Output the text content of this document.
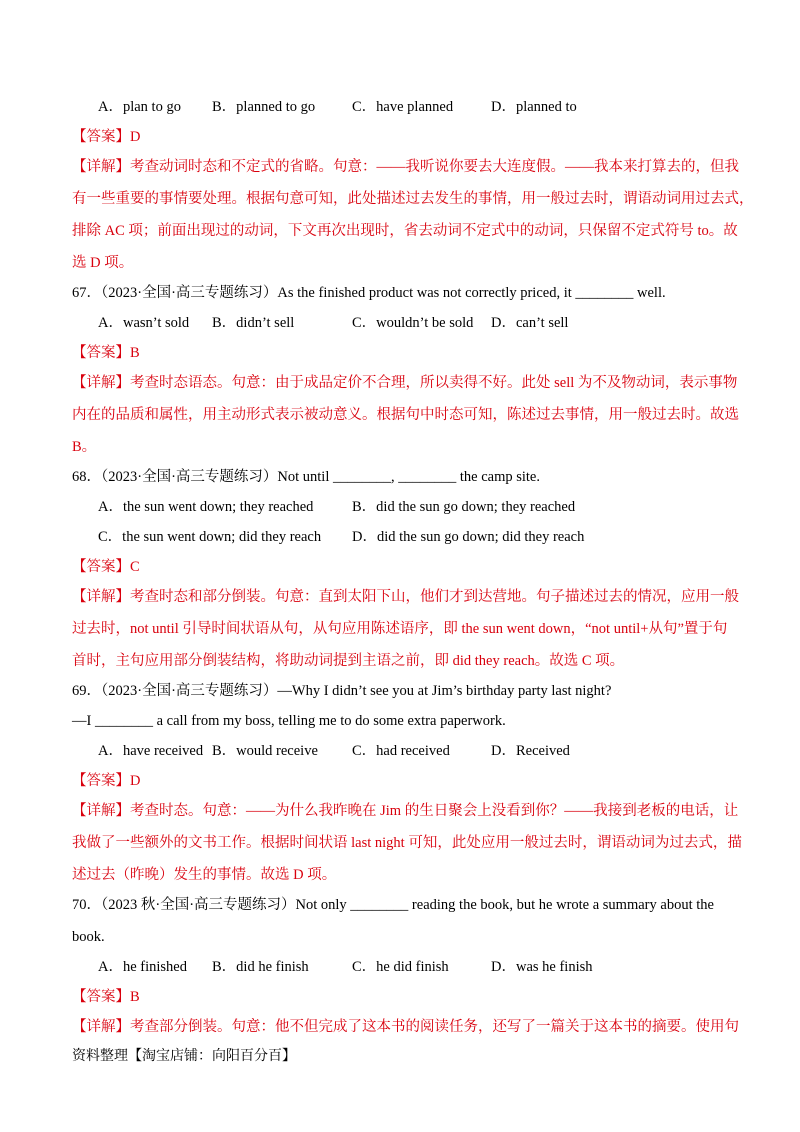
A．plan to go B．planned to go	C．have planned	D．planned to
【答案】D
【详解】考查动词时态和不定式的省略。句意：——我听说你要去大连度假。——我本来打算去的，但我
有一些重要的事情要处理。根据句意可知，此处描述过去发生的事情，用一般过去时，谓语动词用过去式，
排除 AC 项；前面出现过的动词，下文再次出现时，省去动词不定式中的动词，只保留不定式符号 to。故
选 D 项。
67．（2023·全国·高三专题练习）As the finished product was not correctly priced, it ________ well.
A．wasn’t sold B．didn’t sell	C．wouldn’t be sold D．can’t sell
【答案】B
【详解】考查时态语态。句意：由于成品定价不合理，所以卖得不好。此处 sell 为不及物动词，表示事物
内在的品质和属性，用主动形式表示被动意义。根据句中时态可知，陈述过去事情，用一般过去时。故选
B。
68．（2023·全国·高三专题练习）Not until ________, ________ the camp site.
A．the sun went down; they reached	B．did the sun go down; they reached
C．the sun went down; did they reach D．did the sun go down; did they reach
【答案】C
【详解】考查时态和部分倒装。句意：直到太阳下山，他们才到达营地。句子描述过去的情况，应用一般
过去时，not until 引导时间状语从句，从句应用陈述语序，即 the sun went down，“not until+从句”置于句
首时，主句应用部分倒装结构，将助动词提到主语之前，即 did they reach。故选 C 项。
69．（2023·全国·高三专题练习）—Why I didn’t see you at Jim’s birthday party last night?
—I ________ a call from my boss, telling me to do some extra paperwork.
A．have received B．would receive C．had received	D．Received
【答案】D
【详解】考查时态。句意：——为什么我昨晚在 Jim 的生日聚会上没看到你？——我接到老板的电话，让
我做了一些额外的文书工作。根据时间状语 last night 可知，此处应用一般过去时，谓语动词为过去式，描
述过去（昨晚）发生的事情。故选 D 项。
70．（2023 秋·全国·高三专题练习）Not only ________ reading the book, but he wrote a summary about the
book.
A．he finished B．did he finish	C．he did finish	D．was he finish
【答案】B
【详解】考查部分倒装。句意：他不但完成了这本书的阅读任务，还写了一篇关于这本书的摘要。使用句
资料整理【淘宝店铺：向阳百分百】
